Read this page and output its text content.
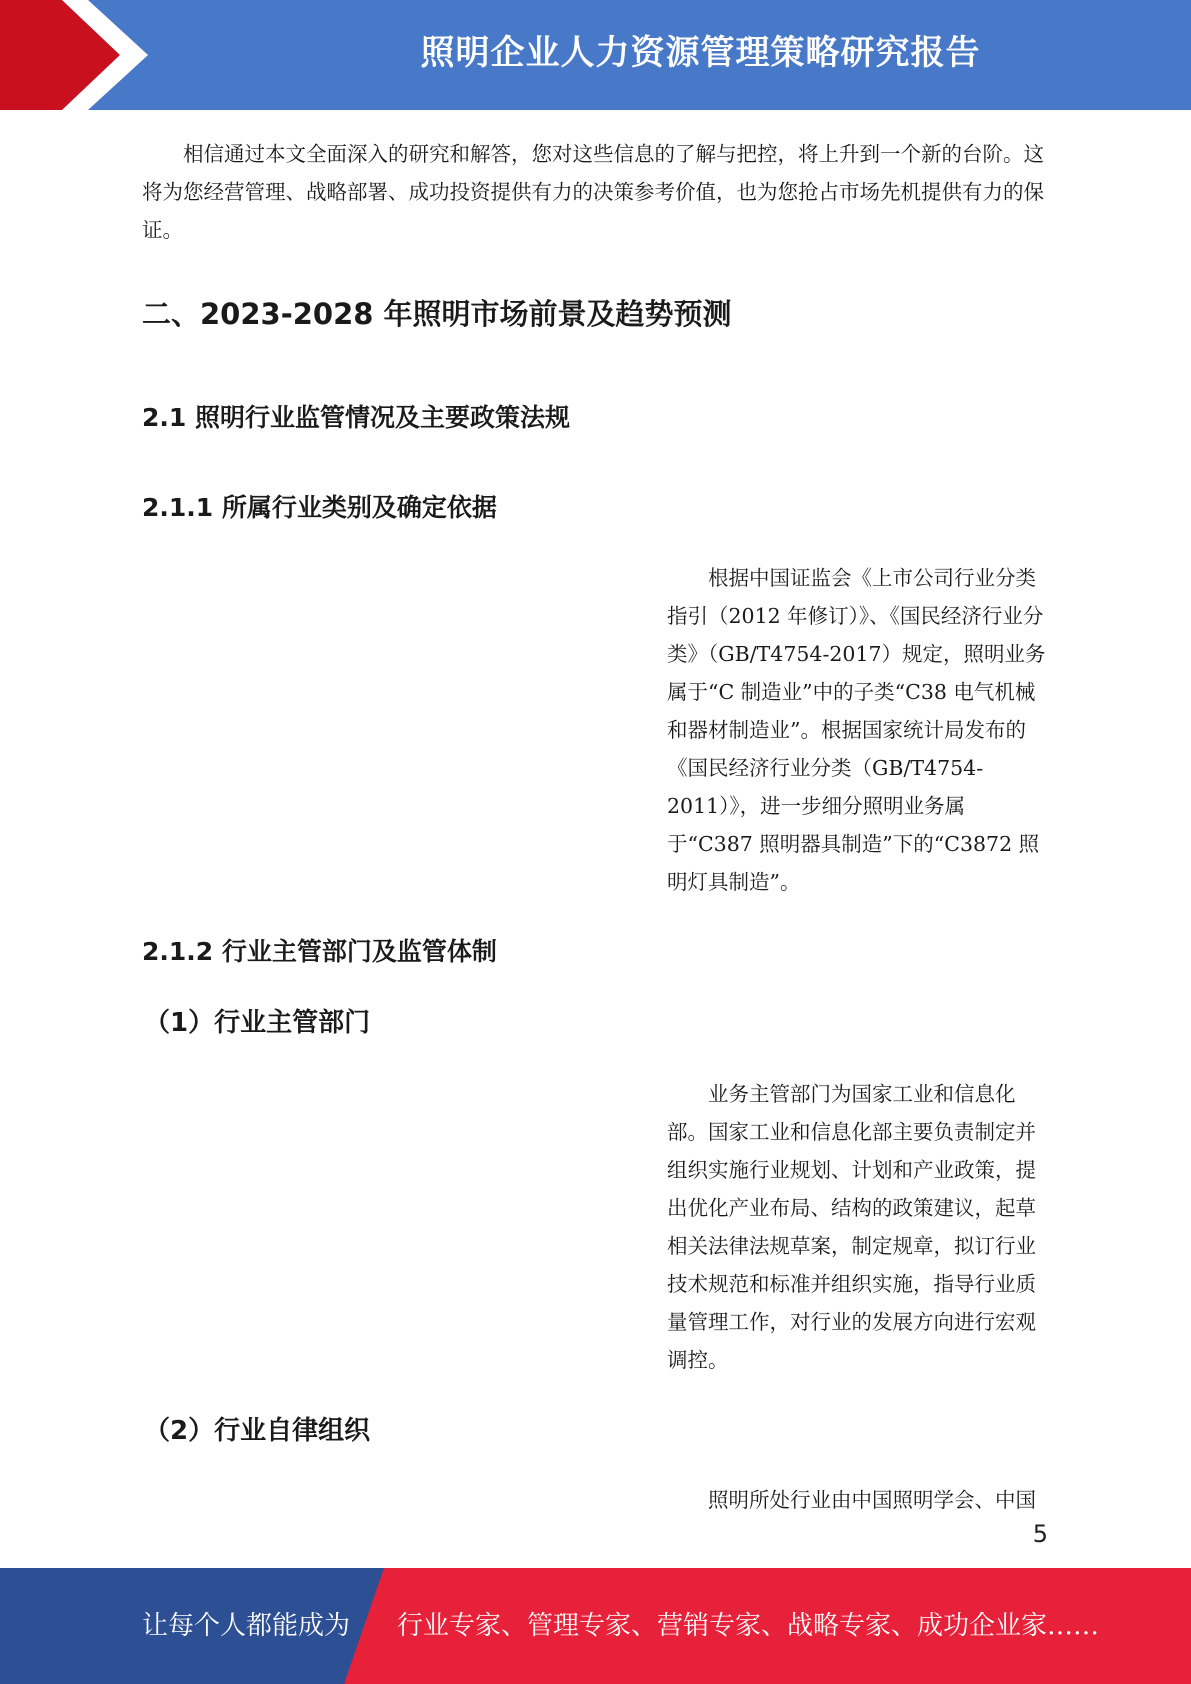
照明企业人力资源管理策略研究报告

相信通过本文全面深入的研究和解答，您对这些信息的了解与把控，将上升到一个新的台阶。这将为您经营管理、战略部署、成功投资提供有力的决策参考价值，也为您抢占市场先机提供有力的保证。

二、2023-2028 年照明市场前景及趋势预测
2.1 照明行业监管情况及主要政策法规
2.1.1 所属行业类别及确定依据

根据中国证监会《上市公司行业分类指引（2012 年修订）》、《国民经济行业分类》（GB/T4754-2017）规定，照明业务属于“C 制造业”中的子类“C38 电气机械和器材制造业”。根据国家统计局发布的《国民经济行业分类（GB/T4754-2011）》，进一步细分照明业务属于“C387 照明器具制造”下的“C3872 照明灯具制造”。

2.1.2 行业主管部门及监管体制
（1）行业主管部门

业务主管部门为国家工业和信息化部。国家工业和信息化部主要负责制定并组织实施行业规划、计划和产业政策，提出优化产业布局、结构的政策建议，起草相关法律法规草案，制定规章，拟订行业技术规范和标准并组织实施，指导行业质量管理工作，对行业的发展方向进行宏观调控。

（2）行业自律组织

照明所处行业由中国照明学会、中国

5
让每个人都能成为 行业专家、管理专家、营销专家、战略专家、成功企业家……
